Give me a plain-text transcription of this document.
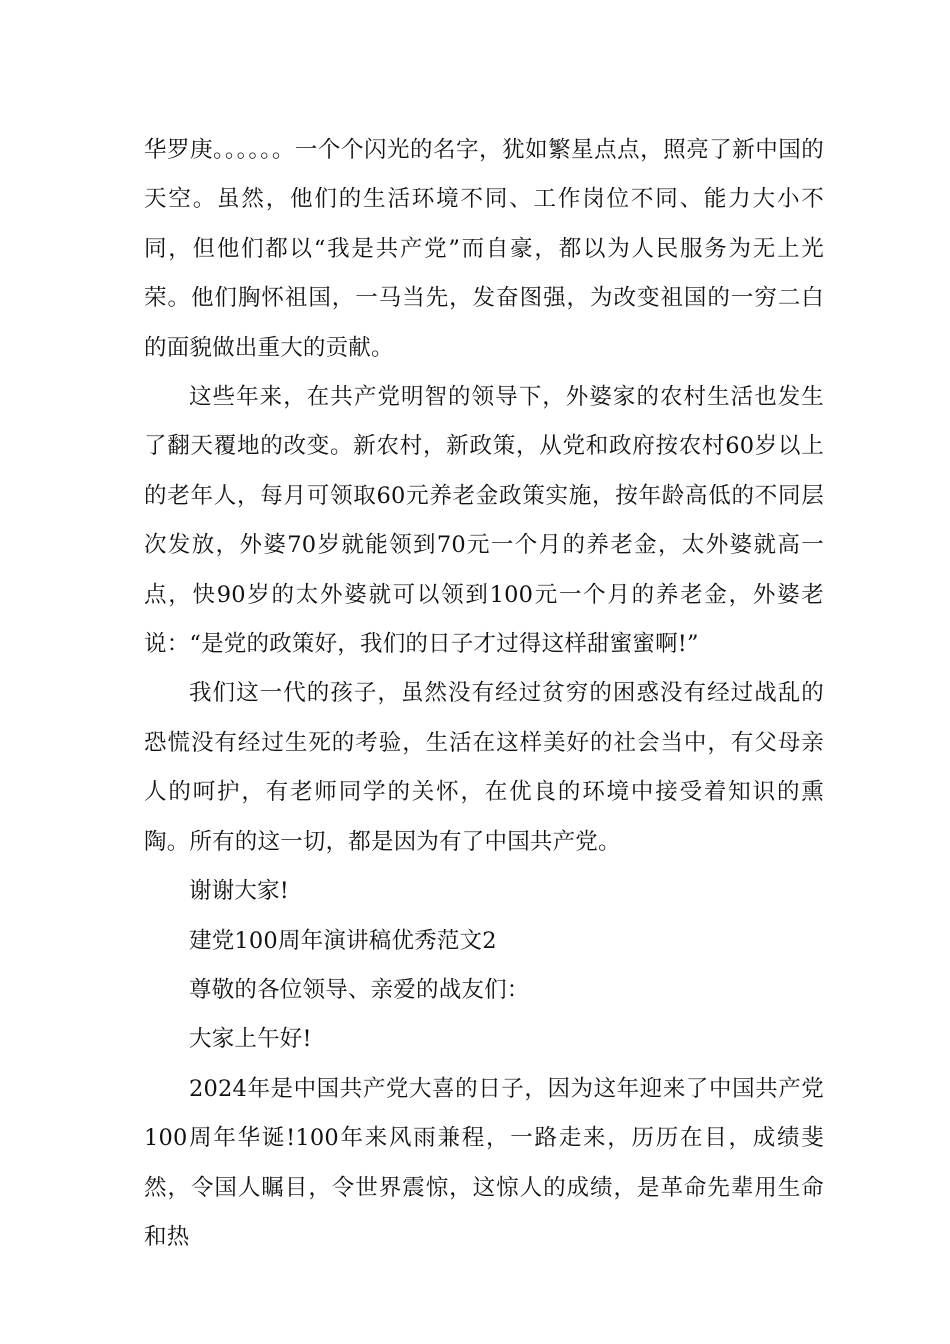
华罗庚。。。。。。一个个闪光的名字，犹如繁星点点，照亮了新中国的天空。虽然，他们的生活环境不同、工作岗位不同、能力大小不同，但他们都以“我是共产党”而自豪，都以为人民服务为无上光荣。他们胸怀祖国，一马当先，发奋图强，为改变祖国的一穷二白的面貌做出重大的贡献。

这些年来，在共产党明智的领导下，外婆家的农村生活也发生了翻天覆地的改变。新农村，新政策，从党和政府按农村60岁以上的老年人，每月可领取60元养老金政策实施，按年龄高低的不同层次发放，外婆70岁就能领到70元一个月的养老金，太外婆就高一点，快90岁的太外婆就可以领到100元一个月的养老金，外婆老说：“是党的政策好，我们的日子才过得这样甜蜜蜜啊!”

我们这一代的孩子，虽然没有经过贫穷的困惑没有经过战乱的恐慌没有经过生死的考验，生活在这样美好的社会当中，有父母亲人的呵护，有老师同学的关怀，在优良的环境中接受着知识的熏陶。所有的这一切，都是因为有了中国共产党。

谢谢大家!

建党100周年演讲稿优秀范文2

尊敬的各位领导、亲爱的战友们：

大家上午好!

2024年是中国共产党大喜的日子，因为这年迎来了中国共产党100周年华诞!100年来风雨兼程，一路走来，历历在目，成绩斐然，令国人瞩目，令世界震惊，这惊人的成绩，是革命先辈用生命和热
